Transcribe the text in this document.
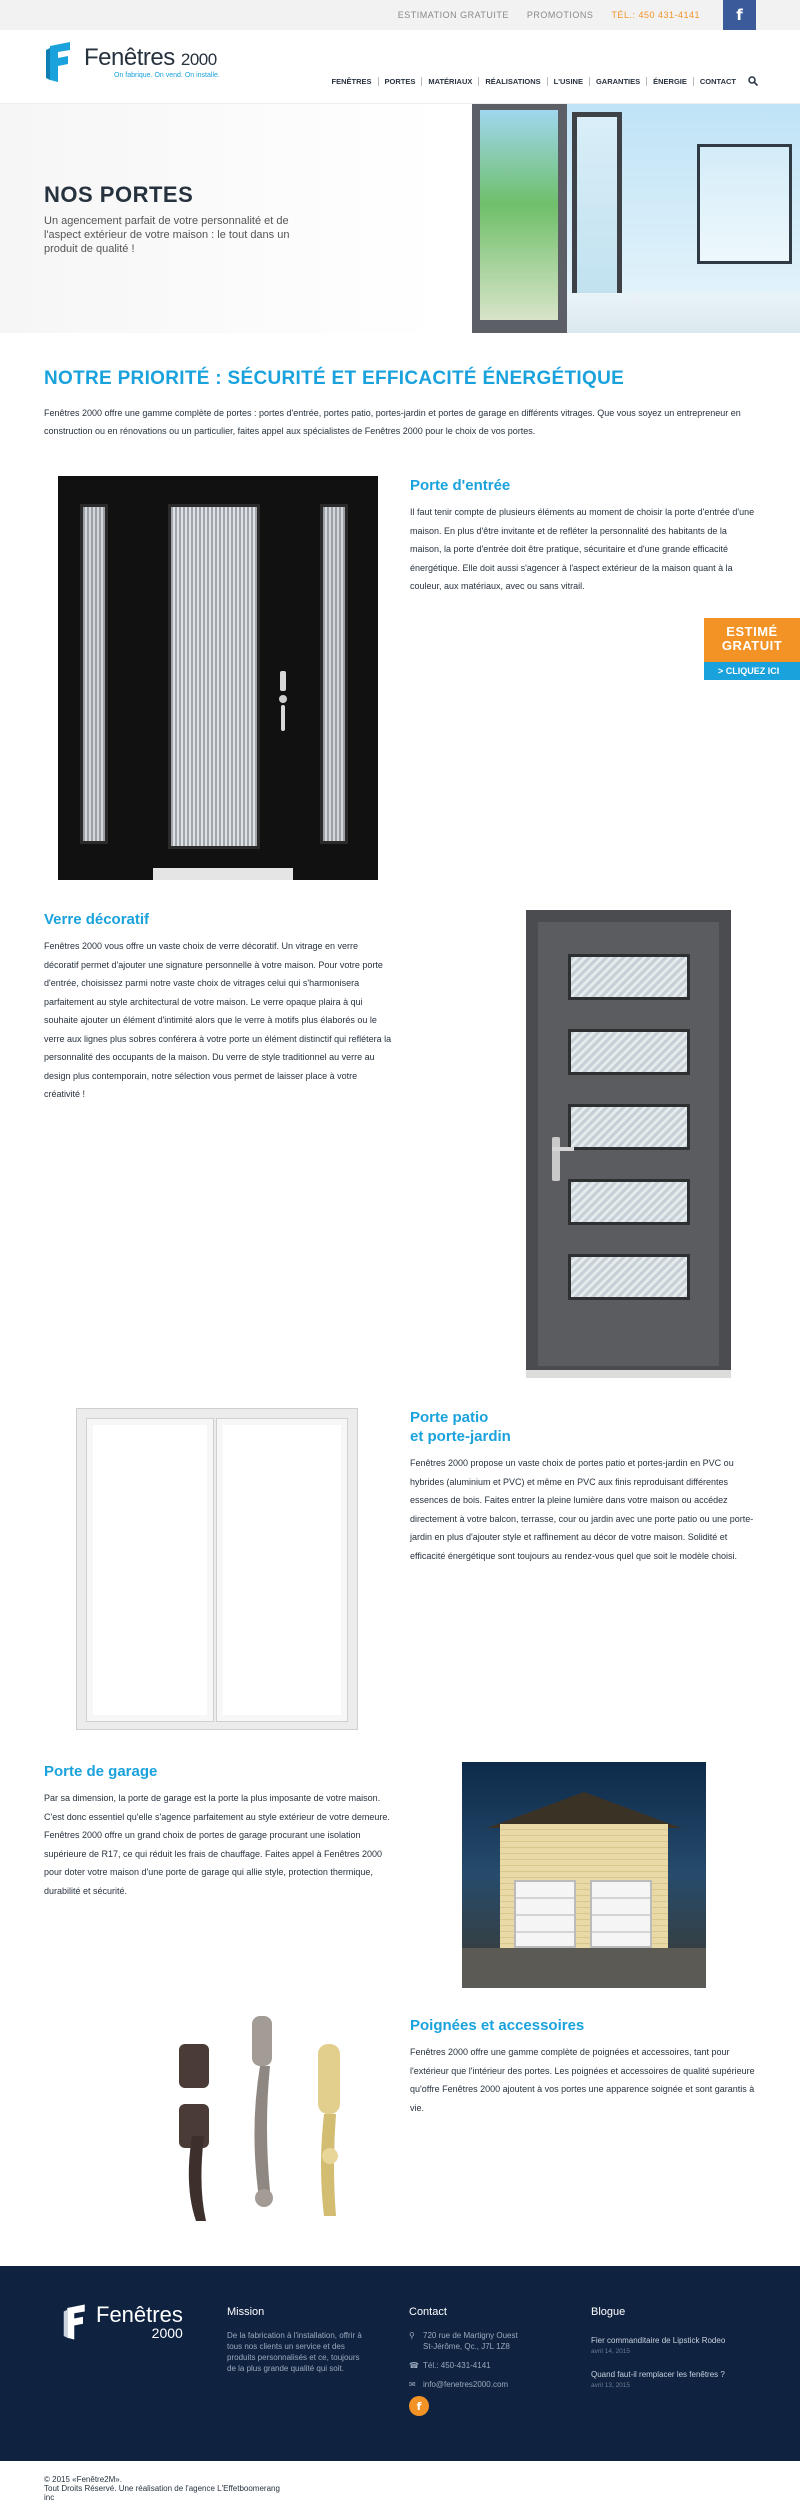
ESTIMATION GRATUITE PROMOTIONS TÉL.: 450 431-4141	f
Fenêtres 2000
On fabrique. On vend. On installe.
FENÊTRES	PORTES	MATÉRIAUX	RÉALISATIONS	L'USINE	GARANTIES	ÉNERGIE	CONTACT
NOS PORTES

Un agencement parfait de votre personnalité et de l'aspect extérieur de votre maison : le tout dans un produit de qualité !

NOTRE PRIORITÉ : SÉCURITÉ ET EFFICACITÉ ÉNERGÉTIQUE

Fenêtres 2000 offre une gamme complète de portes : portes d'entrée, portes patio, portes-jardin et portes de garage en différents vitrages. Que vous soyez un entrepreneur en construction ou en rénovations ou un particulier, faites appel aux spécialistes de Fenêtres 2000 pour le choix de vos portes.

Porte d'entrée

Il faut tenir compte de plusieurs éléments au moment de choisir la porte d'entrée d'une maison. En plus d'être invitante et de refléter la personnalité des habitants de la maison, la porte d'entrée doit être pratique, sécuritaire et d'une grande efficacité énergétique. Elle doit aussi s'agencer à l'aspect extérieur de la maison quant à la couleur, aux matériaux, avec ou sans vitrail.

Verre décoratif

Fenêtres 2000 vous offre un vaste choix de verre décoratif. Un vitrage en verre décoratif permet d'ajouter une signature personnelle à votre maison. Pour votre porte d'entrée, choisissez parmi notre vaste choix de vitrages celui qui s'harmonisera parfaitement au style architectural de votre maison. Le verre opaque plaira à qui souhaite ajouter un élément d'intimité alors que le verre à motifs plus élaborés ou le verre aux lignes plus sobres conférera à votre porte un élément distinctif qui reflétera la personnalité des occupants de la maison. Du verre de style traditionnel au verre au design plus contemporain, notre sélection vous permet de laisser place à votre créativité !

Porte patio
et porte-jardin

Fenêtres 2000 propose un vaste choix de portes patio et portes-jardin en PVC ou hybrides (aluminium et PVC) et même en PVC aux finis reproduisant différentes essences de bois. Faites entrer la pleine lumière dans votre maison ou accédez directement à votre balcon, terrasse, cour ou jardin avec une porte patio ou une porte-jardin en plus d'ajouter style et raffinement au décor de votre maison. Solidité et efficacité énergétique sont toujours au rendez-vous quel que soit le modèle choisi.

Porte de garage

Par sa dimension, la porte de garage est la porte la plus imposante de votre maison. C'est donc essentiel qu'elle s'agence parfaitement au style extérieur de votre demeure. Fenêtres 2000 offre un grand choix de portes de garage procurant une isolation supérieure de R17, ce qui réduit les frais de chauffage. Faites appel à Fenêtres 2000 pour doter votre maison d'une porte de garage qui allie style, protection thermique, durabilité et sécurité.

Poignées et accessoires

Fenêtres 2000 offre une gamme complète de poignées et accessoires, tant pour l'extérieur que l'intérieur des portes. Les poignées et accessoires de qualité supérieure qu'offre Fenêtres 2000 ajoutent à vos portes une apparence soignée et sont garantis à vie.

ESTIMÉ
GRATUIT
> CLIQUEZ ICI
Fenêtres
2000
Mission

De la fabrication à l'installation, offrir à tous nos clients un service et des produits personnalisés et ce, toujours de la plus grande qualité qui soit.

Contact
⚲ 720 rue de Martigny Ouest
St-Jérôme, Qc., J7L 1Z8
☎ Tél.: 450-431-4141
✉ info@fenetres2000.com
f
Blogue
Fier commanditaire de Lipstick Rodeo
avril 14, 2015
Quand faut-il remplacer les fenêtres ?
avril 13, 2015

© 2015 «Fenêtre2M».

Tout Droits Réservé. Une réalisation de l'agence L'Effetboomerang

inc
